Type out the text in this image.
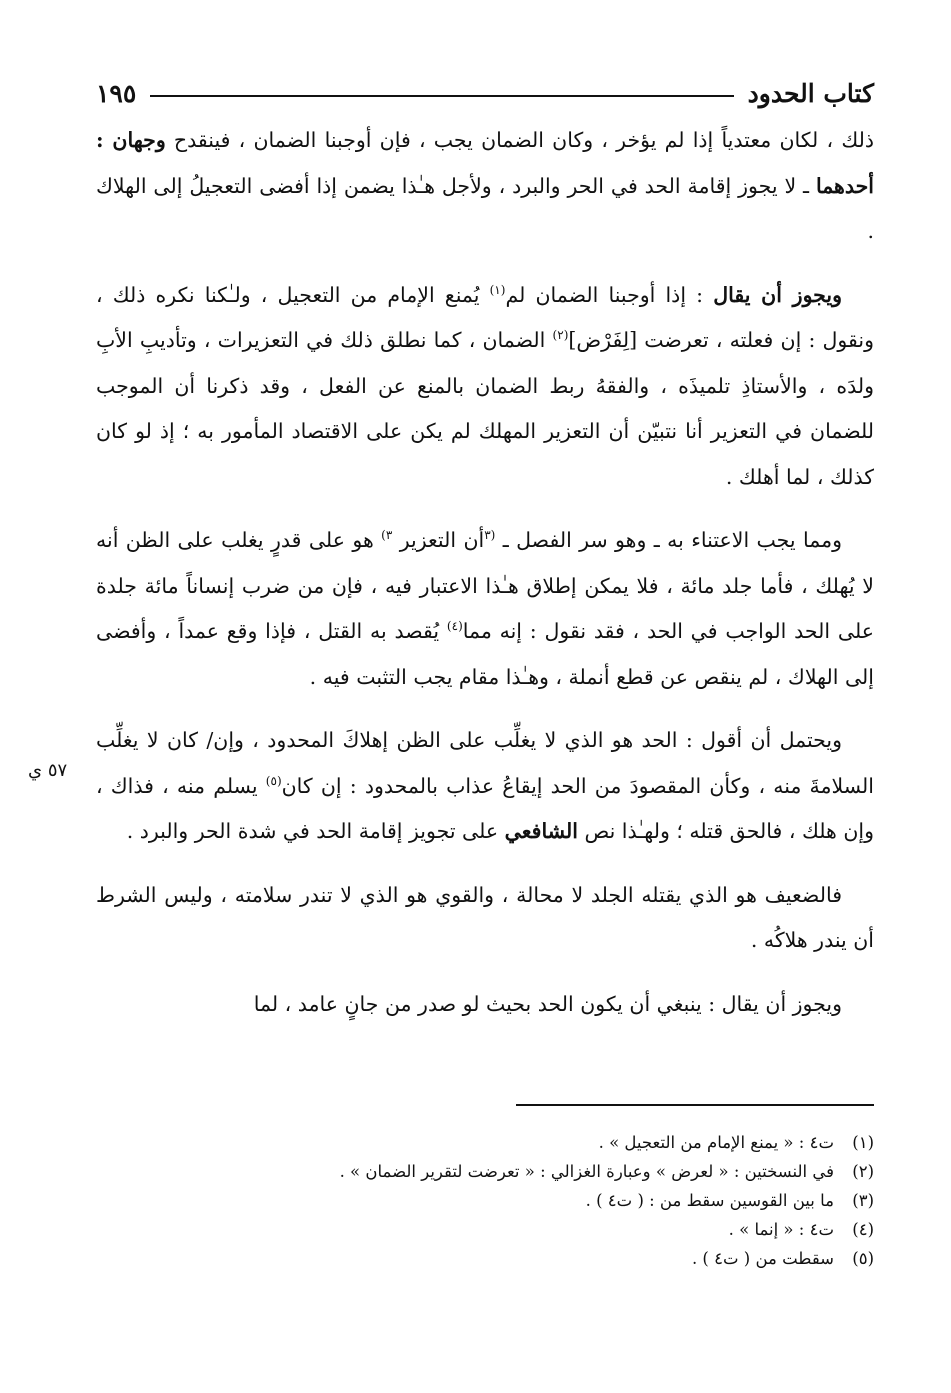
كتاب الحدود
١٩٥

ذلك ، لكان معتدياً إذا لم يؤخر ، وكان الضمان يجب ، فإن أوجبنا الضمان ، فينقدح وجهان : أحدهما ـ لا يجوز إقامة الحد في الحر والبرد ، ولأجل هـٰذا يضمن إذا أفضى التعجيلُ إلى الهلاك .

ويجوز أن يقال : إذا أوجبنا الضمان لم$^{(١)}$ يُمنع الإمام من التعجيل ، ولـٰكنا نكره ذلك ، ونقول : إن فعلته ، تعرضت [لِفَرْض]$^{(٢)}$ الضمان ، كما نطلق ذلك في التعزيرات ، وتأديبِ الأبِ ولدَه ، والأستاذِ تلميذَه ، والفقهُ ربط الضمان بالمنع عن الفعل ، وقد ذكرنا أن الموجب للضمان في التعزير أنا نتبيّن أن التعزير المهلك لم يكن على الاقتصاد المأمور به ؛ إذ لو كان كذلك ، لما أهلك .

ومما يجب الاعتناء به ـ وهو سر الفصل ـ $^{(٣}$أن التعزير $^{٣)}$ هو على قدرٍ يغلب على الظن أنه لا يُهلك ، فأما جلد مائة ، فلا يمكن إطلاق هـٰذا الاعتبار فيه ، فإن من ضرب إنساناً مائة جلدة على الحد الواجب في الحد ، فقد نقول : إنه مما$^{(٤)}$ يُقصد به القتل ، فإذا وقع عمداً ، وأفضى إلى الهلاك ، لم ينقص عن قطع أنملة ، وهـٰذا مقام يجب التثبت فيه .

ويحتمل أن أقول : الحد هو الذي لا يغلِّب على الظن إهلاكَ المحدود ، وإن/ كان لا يغلِّب السلامةَ منه ، وكأن المقصودَ من الحد إيقاعُ عذاب بالمحدود : إن كان$^{(٥)}$ يسلم منه ، فذاك ، وإن هلك ، فالحق قتله ؛ ولهـٰذا نص الشافعي على تجويز إقامة الحد في شدة الحر والبرد .

فالضعيف هو الذي يقتله الجلد لا محالة ، والقوي هو الذي لا تندر سلامته ، وليس الشرط أن يندر هلاكُه .

ويجوز أن يقال : ينبغي أن يكون الحد بحيث لو صدر من جانٍ عامد ، لما

(١)
ت٤ : « يمنع الإمام من التعجيل » .
(٢)
في النسختين : « لعرض » وعبارة الغزالي : « تعرضت لتقرير الضمان » .
(٣)
ما بين القوسين سقط من : ( ت٤ ) .
(٤)
ت٤ : « إنما » .
(٥)
سقطت من ( ت٤ ) .
٥٧ ي
